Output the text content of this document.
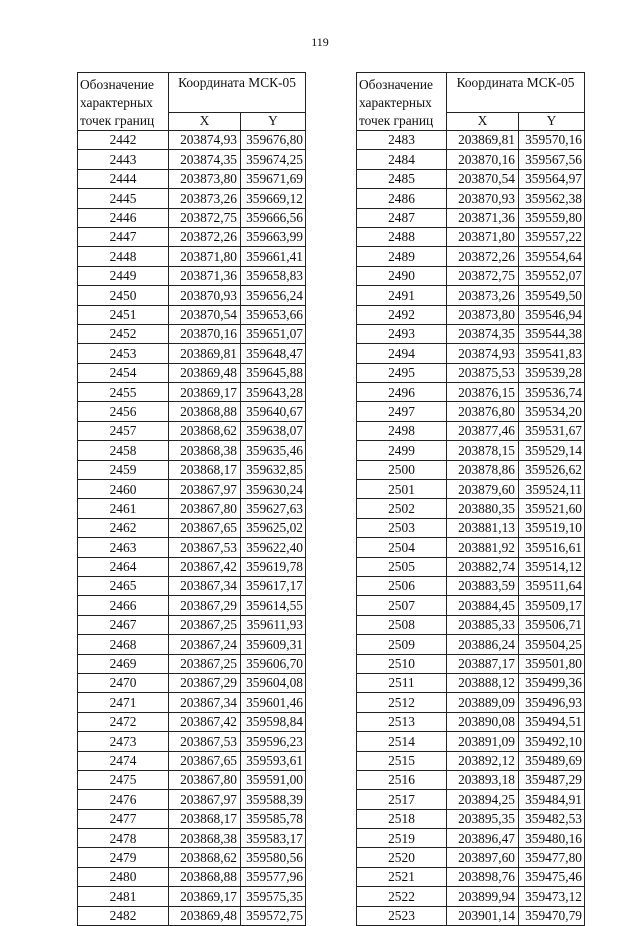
119
Обозначение характерных точек границ	Координата МСК-05	
	X	Y
2442	203874,93	359676,80
2443	203874,35	359674,25
2444	203873,80	359671,69
2445	203873,26	359669,12
2446	203872,75	359666,56
2447	203872,26	359663,99
2448	203871,80	359661,41
2449	203871,36	359658,83
2450	203870,93	359656,24
2451	203870,54	359653,66
2452	203870,16	359651,07
2453	203869,81	359648,47
2454	203869,48	359645,88
2455	203869,17	359643,28
2456	203868,88	359640,67
2457	203868,62	359638,07
2458	203868,38	359635,46
2459	203868,17	359632,85
2460	203867,97	359630,24
2461	203867,80	359627,63
2462	203867,65	359625,02
2463	203867,53	359622,40
2464	203867,42	359619,78
2465	203867,34	359617,17
2466	203867,29	359614,55
2467	203867,25	359611,93
2468	203867,24	359609,31
2469	203867,25	359606,70
2470	203867,29	359604,08
2471	203867,34	359601,46
2472	203867,42	359598,84
2473	203867,53	359596,23
2474	203867,65	359593,61
2475	203867,80	359591,00
2476	203867,97	359588,39
2477	203868,17	359585,78
2478	203868,38	359583,17
2479	203868,62	359580,56
2480	203868,88	359577,96
2481	203869,17	359575,35
2482	203869,48	359572,75
Обозначение характерных точек границ	Координата МСК-05	
	X	Y
2483	203869,81	359570,16
2484	203870,16	359567,56
2485	203870,54	359564,97
2486	203870,93	359562,38
2487	203871,36	359559,80
2488	203871,80	359557,22
2489	203872,26	359554,64
2490	203872,75	359552,07
2491	203873,26	359549,50
2492	203873,80	359546,94
2493	203874,35	359544,38
2494	203874,93	359541,83
2495	203875,53	359539,28
2496	203876,15	359536,74
2497	203876,80	359534,20
2498	203877,46	359531,67
2499	203878,15	359529,14
2500	203878,86	359526,62
2501	203879,60	359524,11
2502	203880,35	359521,60
2503	203881,13	359519,10
2504	203881,92	359516,61
2505	203882,74	359514,12
2506	203883,59	359511,64
2507	203884,45	359509,17
2508	203885,33	359506,71
2509	203886,24	359504,25
2510	203887,17	359501,80
2511	203888,12	359499,36
2512	203889,09	359496,93
2513	203890,08	359494,51
2514	203891,09	359492,10
2515	203892,12	359489,69
2516	203893,18	359487,29
2517	203894,25	359484,91
2518	203895,35	359482,53
2519	203896,47	359480,16
2520	203897,60	359477,80
2521	203898,76	359475,46
2522	203899,94	359473,12
2523	203901,14	359470,79
